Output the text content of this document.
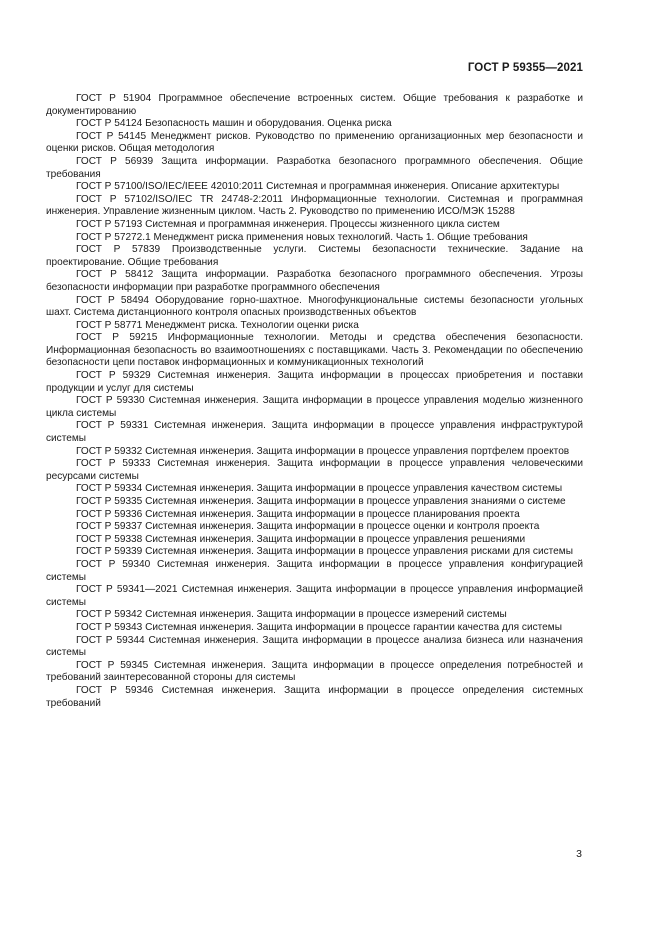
ГОСТ Р 59355—2021

ГОСТ Р 51904 Программное обеспечение встроенных систем. Общие требования к разработке и документированию

ГОСТ Р 54124 Безопасность машин и оборудования. Оценка риска

ГОСТ Р 54145 Менеджмент рисков. Руководство по применению организационных мер безопасности и оценки рисков. Общая методология

ГОСТ Р 56939 Защита информации. Разработка безопасного программного обеспечения. Общие требования

ГОСТ Р 57100/ISO/IEC/IEEE 42010:2011 Системная и программная инженерия. Описание архитектуры

ГОСТ Р 57102/ISO/IEC TR 24748-2:2011 Информационные технологии. Системная и программная инженерия. Управление жизненным циклом. Часть 2. Руководство по применению ИСО/МЭК 15288

ГОСТ Р 57193 Системная и программная инженерия. Процессы жизненного цикла систем

ГОСТ Р 57272.1 Менеджмент риска применения новых технологий. Часть 1. Общие требования

ГОСТ Р 57839 Производственные услуги. Системы безопасности технические. Задание на проектирование. Общие требования

ГОСТ Р 58412 Защита информации. Разработка безопасного программного обеспечения. Угрозы безопасности информации при разработке программного обеспечения

ГОСТ Р 58494 Оборудование горно-шахтное. Многофункциональные системы безопасности угольных шахт. Система дистанционного контроля опасных производственных объектов

ГОСТ Р 58771 Менеджмент риска. Технологии оценки риска

ГОСТ Р 59215 Информационные технологии. Методы и средства обеспечения безопасности. Информационная безопасность во взаимоотношениях с поставщиками. Часть 3. Рекомендации по обеспечению безопасности цепи поставок информационных и коммуникационных технологий

ГОСТ Р 59329 Системная инженерия. Защита информации в процессах приобретения и поставки продукции и услуг для системы

ГОСТ Р 59330 Системная инженерия. Защита информации в процессе управления моделью жизненного цикла системы

ГОСТ Р 59331 Системная инженерия. Защита информации в процессе управления инфраструктурой системы

ГОСТ Р 59332 Системная инженерия. Защита информации в процессе управления портфелем проектов

ГОСТ Р 59333 Системная инженерия. Защита информации в процессе управления человеческими ресурсами системы

ГОСТ Р 59334 Системная инженерия. Защита информации в процессе управления качеством системы

ГОСТ Р 59335 Системная инженерия. Защита информации в процессе управления знаниями о системе

ГОСТ Р 59336 Системная инженерия. Защита информации в процессе планирования проекта

ГОСТ Р 59337 Системная инженерия. Защита информации в процессе оценки и контроля проекта

ГОСТ Р 59338 Системная инженерия. Защита информации в процессе управления решениями

ГОСТ Р 59339 Системная инженерия. Защита информации в процессе управления рисками для системы

ГОСТ Р 59340 Системная инженерия. Защита информации в процессе управления конфигурацией системы

ГОСТ Р 59341—2021 Системная инженерия. Защита информации в процессе управления информацией системы

ГОСТ Р 59342 Системная инженерия. Защита информации в процессе измерений системы

ГОСТ Р 59343 Системная инженерия. Защита информации в процессе гарантии качества для системы

ГОСТ Р 59344 Системная инженерия. Защита информации в процессе анализа бизнеса или назначения системы

ГОСТ Р 59345 Системная инженерия. Защита информации в процессе определения потребностей и требований заинтересованной стороны для системы

ГОСТ Р 59346 Системная инженерия. Защита информации в процессе определения системных требований

3
